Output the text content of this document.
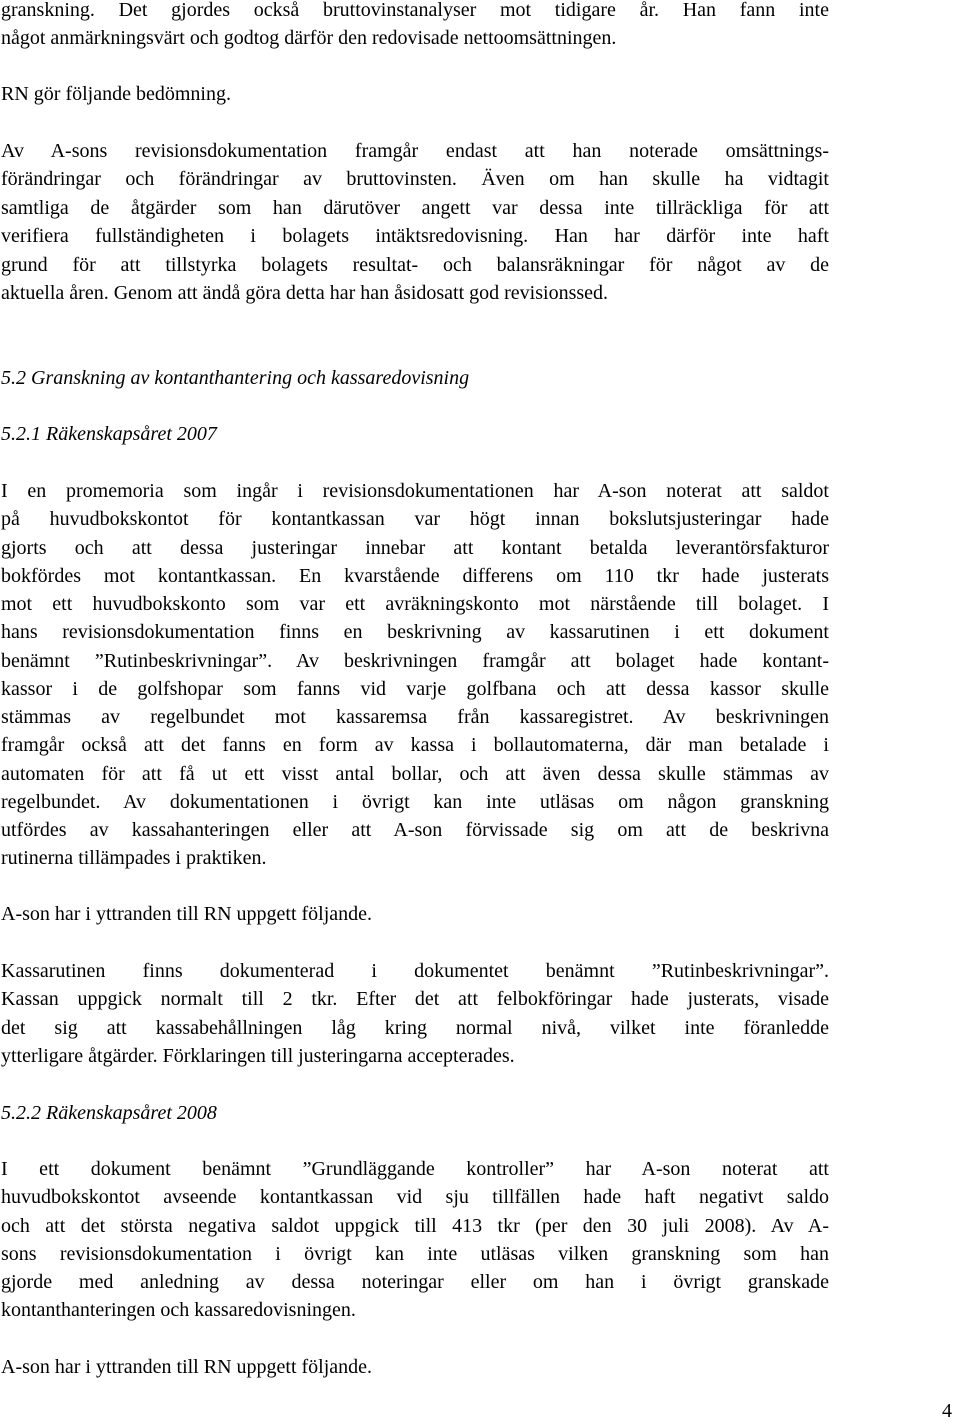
granskning. Det gjordes också bruttovinstanalyser mot tidigare år. Han fann inte
något anmärkningsvärt och godtog därför den redovisade nettoomsättningen.
RN gör följande bedömning.
Av A-sons revisionsdokumentation framgår endast att han noterade omsättnings-
förändringar och förändringar av bruttovinsten. Även om han skulle ha vidtagit
samtliga de åtgärder som han därutöver angett var dessa inte tillräckliga för att
verifiera fullständigheten i bolagets intäktsredovisning. Han har därför inte haft
grund för att tillstyrka bolagets resultat- och balansräkningar för något av de
aktuella åren. Genom att ändå göra detta har han åsidosatt god revisionssed.
5.2 Granskning av kontanthantering och kassaredovisning
5.2.1 Räkenskapsåret 2007
I en promemoria som ingår i revisionsdokumentationen har A-son noterat att saldot
på huvudbokskontot för kontantkassan var högt innan bokslutsjusteringar hade
gjorts och att dessa justeringar innebar att kontant betalda leverantörsfakturor
bokfördes mot kontantkassan. En kvarstående differens om 110 tkr hade justerats
mot ett huvudbokskonto som var ett avräkningskonto mot närstående till bolaget. I
hans revisionsdokumentation finns en beskrivning av kassarutinen i ett dokument
benämnt ”Rutinbeskrivningar”. Av beskrivningen framgår att bolaget hade kontant-
kassor i de golfshopar som fanns vid varje golfbana och att dessa kassor skulle
stämmas av regelbundet mot kassaremsa från kassaregistret. Av beskrivningen
framgår också att det fanns en form av kassa i bollautomaterna, där man betalade i
automaten för att få ut ett visst antal bollar, och att även dessa skulle stämmas av
regelbundet. Av dokumentationen i övrigt kan inte utläsas om någon granskning
utfördes av kassahanteringen eller att A-son förvissade sig om att de beskrivna
rutinerna tillämpades i praktiken.
A-son har i yttranden till RN uppgett följande.
Kassarutinen finns dokumenterad i dokumentet benämnt ”Rutinbeskrivningar”.
Kassan uppgick normalt till 2 tkr. Efter det att felbokföringar hade justerats, visade
det sig att kassabehållningen låg kring normal nivå, vilket inte föranledde
ytterligare åtgärder. Förklaringen till justeringarna accepterades.
5.2.2 Räkenskapsåret 2008
I ett dokument benämnt ”Grundläggande kontroller” har A-son noterat att
huvudbokskontot avseende kontantkassan vid sju tillfällen hade haft negativt saldo
och att det största negativa saldot uppgick till 413 tkr (per den 30 juli 2008). Av A-
sons revisionsdokumentation i övrigt kan inte utläsas vilken granskning som han
gjorde med anledning av dessa noteringar eller om han i övrigt granskade
kontanthanteringen och kassaredovisningen.
A-son har i yttranden till RN uppgett följande.
4
